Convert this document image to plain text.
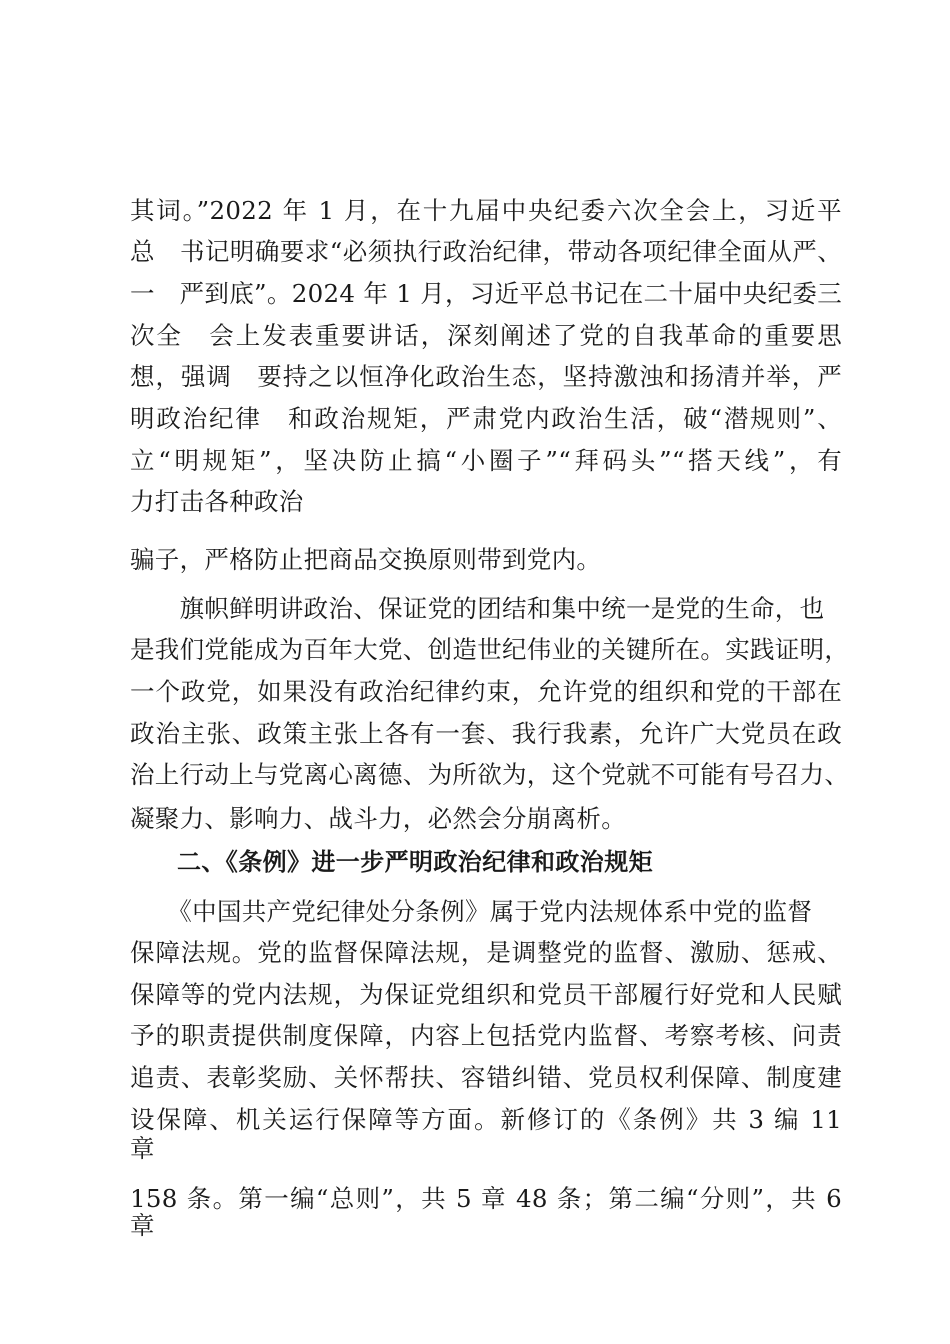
其词。”2022 年 1 月，在十九届中央纪委六次全会上，习近平
总　书记明确要求“必须执行政治纪律，带动各项纪律全面从严、
一　严到底”。2024 年 1 月，习近平总书记在二十届中央纪委三
次全　会上发表重要讲话，深刻阐述了党的自我革命的重要思
想，强调　要持之以恒净化政治生态，坚持激浊和扬清并举，严
明政治纪律　和政治规矩，严肃党内政治生活，破“潜规则”、
立“明规矩”，坚决防止搞“小圈子”“拜码头”“搭天线”，有
力打击各种政治
骗子，严格防止把商品交换原则带到党内。
　　旗帜鲜明讲政治、保证党的团结和集中统一是党的生命，也
是我们党能成为百年大党、创造世纪伟业的关键所在。实践证明，
一个政党，如果没有政治纪律约束，允许党的组织和党的干部在
政治主张、政策主张上各有一套、我行我素，允许广大党员在政
治上行动上与党离心离德、为所欲为，这个党就不可能有号召力、
凝聚力、影响力、战斗力，必然会分崩离析。
二、《条例》进一步严明政治纪律和政治规矩
　　《中国共产党纪律处分条例》属于党内法规体系中党的监督
保障法规。党的监督保障法规，是调整党的监督、激励、惩戒、
保障等的党内法规，为保证党组织和党员干部履行好党和人民赋
予的职责提供制度保障，内容上包括党内监督、考察考核、问责
追责、表彰奖励、关怀帮扶、容错纠错、党员权利保障、制度建
设保障、机关运行保障等方面。新修订的《条例》共 3 编 11
章
158 条。第一编“总则”，共 5 章 48 条；第二编“分则”，共 6
章
